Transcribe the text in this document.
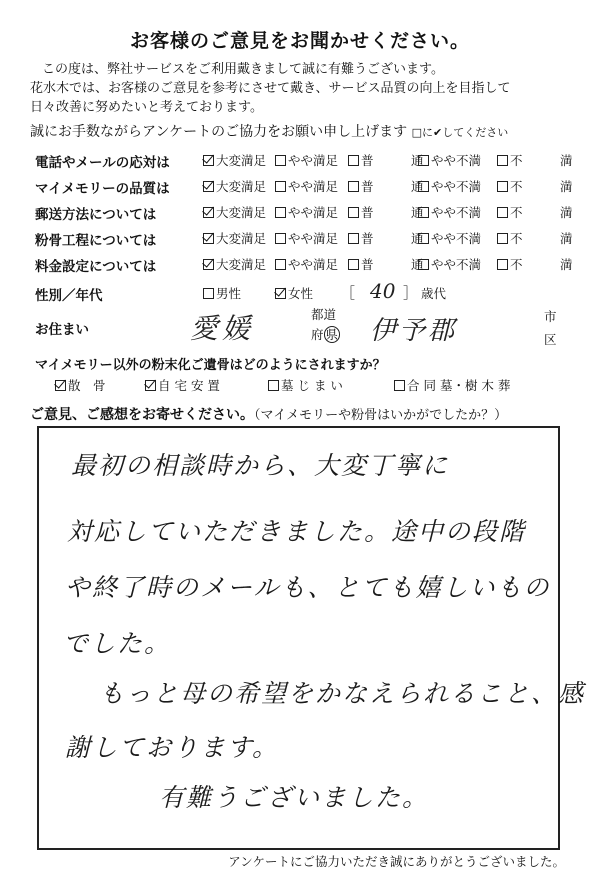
お客様のご意見をお聞かせください。
この度は、弊社サービスをご利用戴きまして誠に有難うございます。
花水木では、お客様のご意見を参考にさせて戴き、サービス品質の向上を目指して
日々改善に努めたいと考えております。
誠にお手数ながらアンケートのご協力をお願い申し上げます □に✔してください
電話やメールの応対は	大変満足	やや満足	普　　　通 やや不満	不　　　満
マイメモリーの品質は	大変満足	やや満足	普　　　通 やや不満	不　　　満
郵送方法については	大変満足	やや満足	普　　　通 やや不満	不　　　満
粉骨工程については	大変満足	やや満足	普　　　通 やや不満	不　　　満
料金設定については	大変満足	やや満足	普　　　通 やや不満	不　　　満
性別／年代	男性	女性 ［ 40 ］ 歳代
お住まい	愛媛	都道
府 県 伊予郡	市
区
マイメモリー以外の粉末化ご遺骨はどのようにされますか？
散　骨	自 宅 安 置	墓 じ ま い	合 同 墓・樹 木 葬
ご意見、ご感想をお寄せください。（マイメモリーや粉骨はいかがでしたか？）
最初の相談時から、大変丁寧に
対応していただきました。途中の段階
や終了時のメールも、とても嬉しいもの
でした。
もっと母の希望をかなえられること、感
謝しております。
有難うございました。
アンケートにご協力いただき誠にありがとうございました。
